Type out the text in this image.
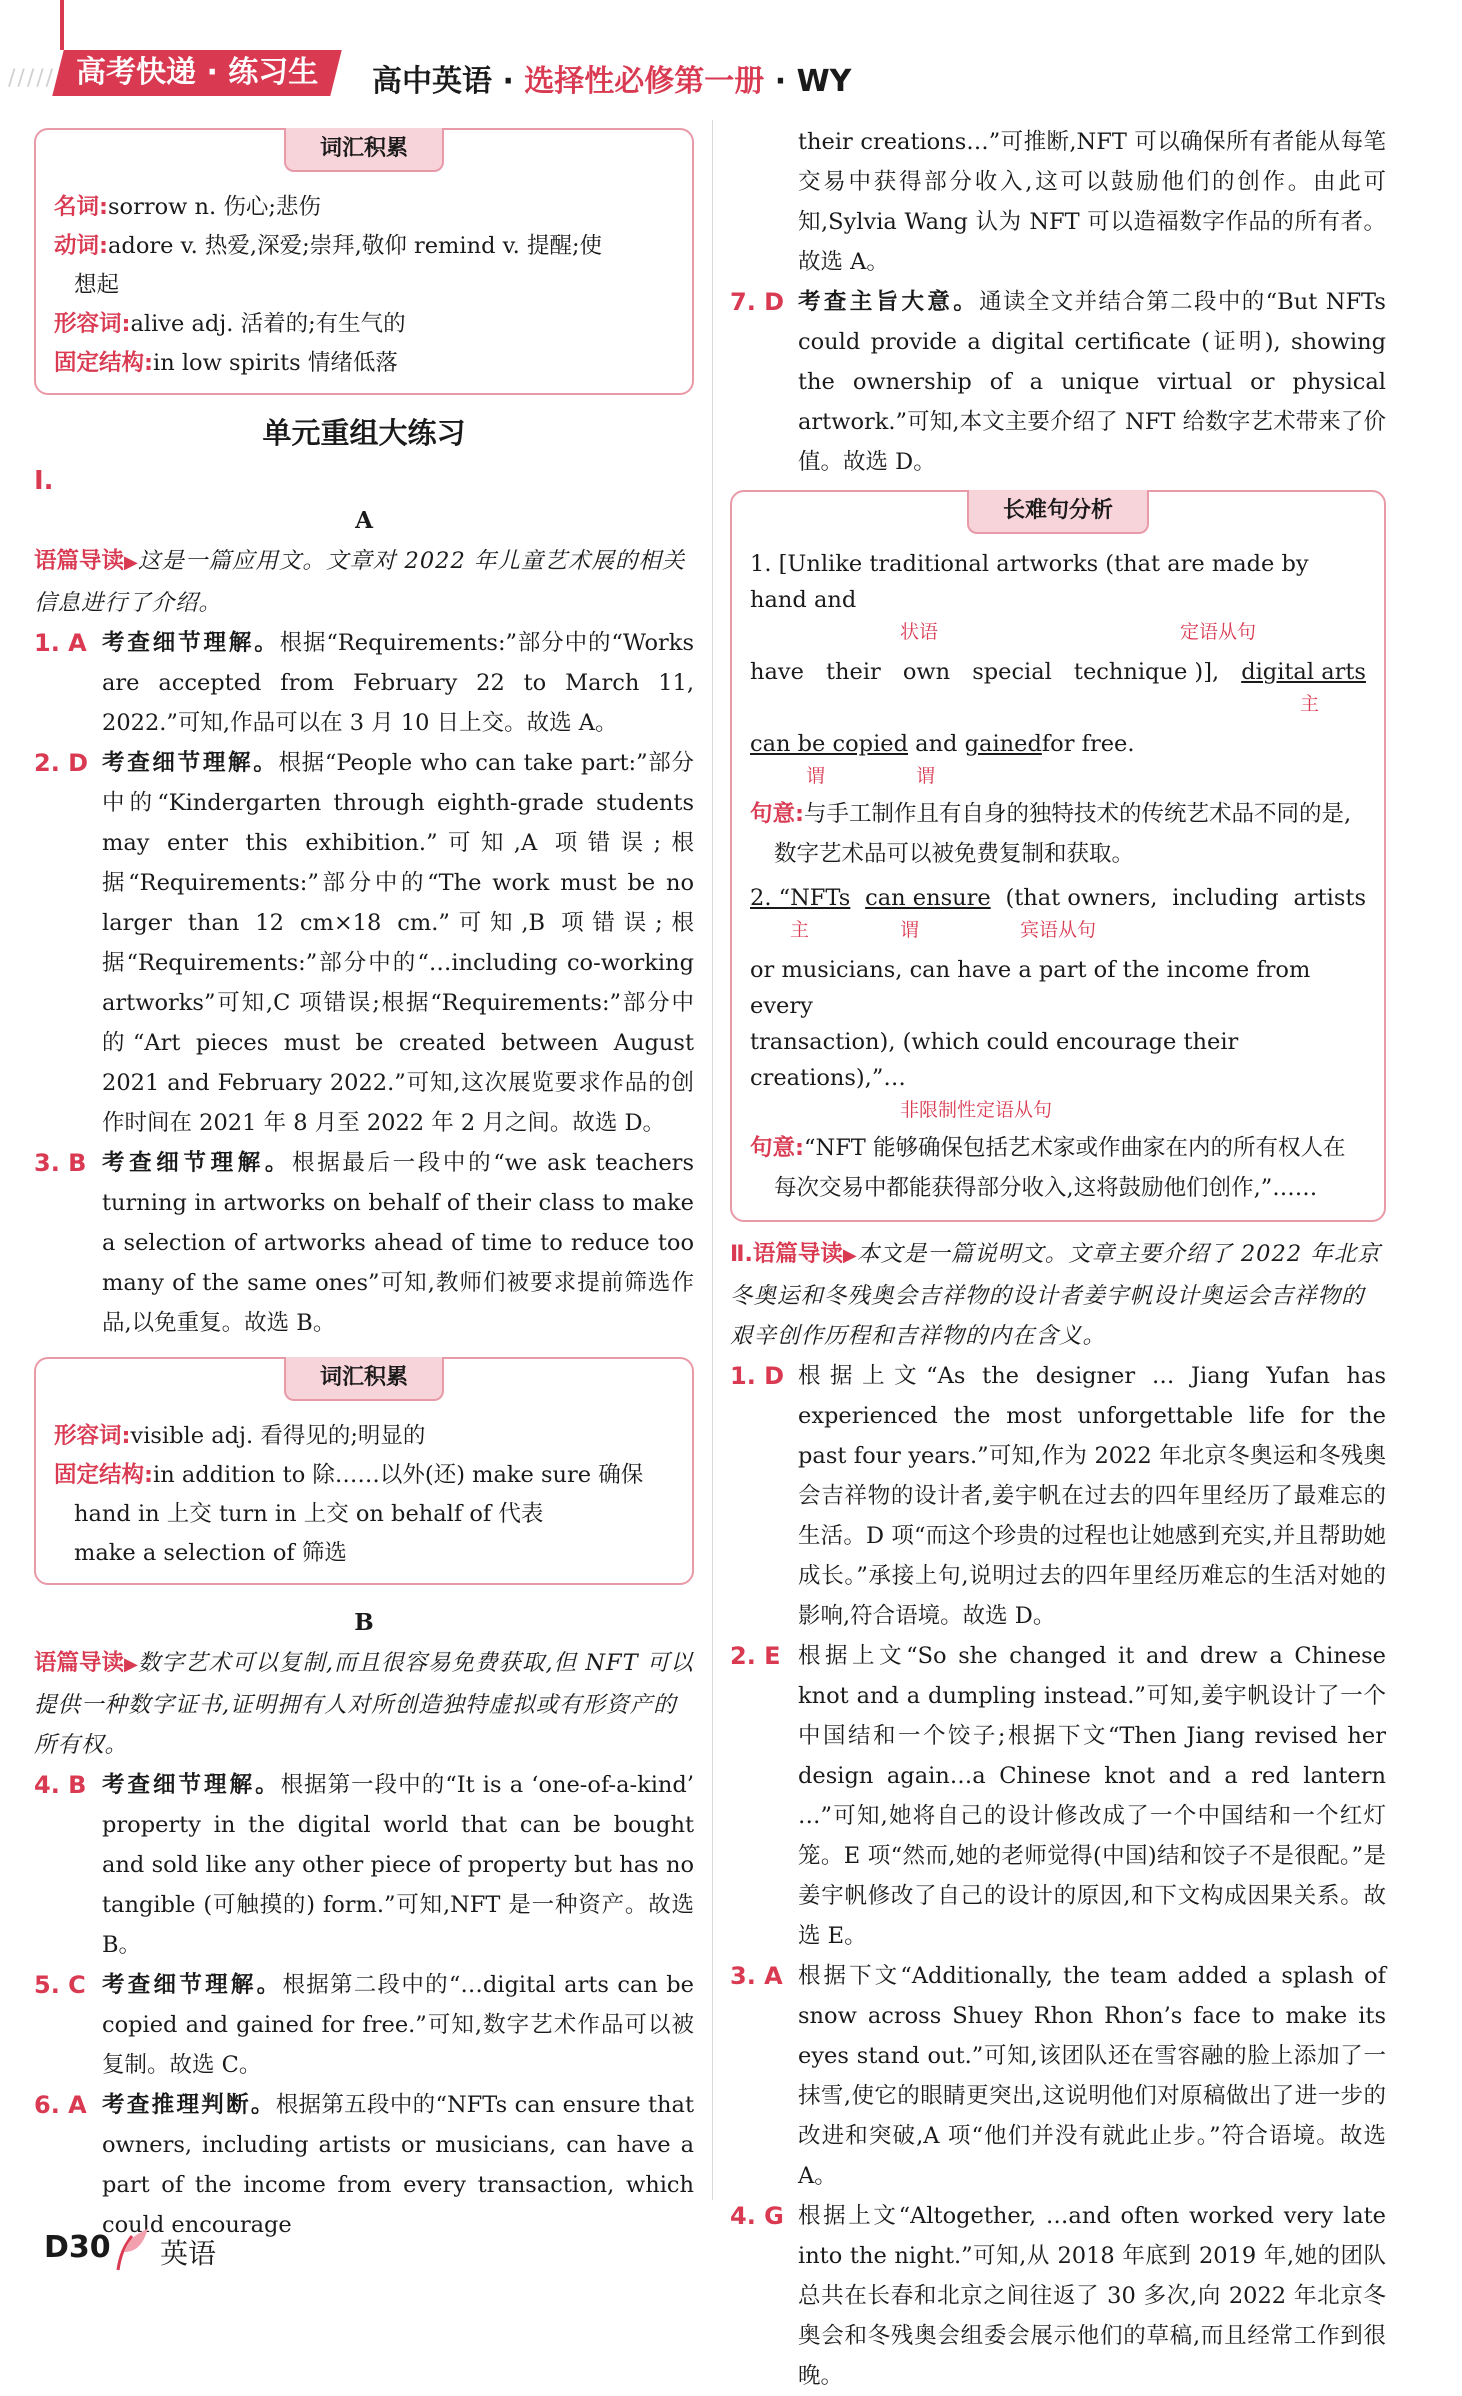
///// 高考快递 · 练习生	高中英语 · 选择性必修第一册 · WY
词汇积累
名词:sorrow n. 伤心;悲伤
动词:adore v. 热爱,深爱;崇拜,敬仰 remind v. 提醒;使
想起
形容词:alive adj. 活着的;有生气的
固定结构:in low spirits 情绪低落
单元重组大练习
Ⅰ.
A
语篇导读▶这是一篇应用文。文章对 2022 年儿童艺术展的相关信息进行了介绍。
1. A 考查细节理解。根据“Requirements:”部分中的“Works are accepted from February 22 to March 11, 2022.”可知,作品可以在 3 月 10 日上交。故选 A。
2. D 考查细节理解。根据“People who can take part:”部分中的“Kindergarten through eighth-grade students may enter this exhibition.”可知,A 项错误;根据“Requirements:”部分中的“The work must be no larger than 12 cm×18 cm.”可知,B 项错误;根据“Requirements:”部分中的“…including co-working artworks”可知,C 项错误;根据“Requirements:”部分中的“Art pieces must be created between August 2021 and February 2022.”可知,这次展览要求作品的创作时间在 2021 年 8 月至 2022 年 2 月之间。故选 D。
3. B 考查细节理解。根据最后一段中的“we ask teachers turning in artworks on behalf of their class to make a selection of artworks ahead of time to reduce too many of the same ones”可知,教师们被要求提前筛选作品,以免重复。故选 B。
词汇积累
形容词:visible adj. 看得见的;明显的
固定结构:in addition to 除……以外(还) make sure 确保
hand in 上交 turn in 上交 on behalf of 代表
make a selection of 筛选
B
语篇导读▶数字艺术可以复制,而且很容易免费获取,但 NFT 可以提供一种数字证书,证明拥有人对所创造独特虚拟或有形资产的所有权。
4. B 考查细节理解。根据第一段中的“It is a ‘one-of-a-kind’ property in the digital world that can be bought and sold like any other piece of property but has no tangible (可触摸的) form.”可知,NFT 是一种资产。故选 B。
5. C 考查细节理解。根据第二段中的“…digital arts can be copied and gained for free.”可知,数字艺术作品可以被复制。故选 C。
6. A 考查推理判断。根据第五段中的“NFTs can ensure that owners, including artists or musicians, can have a part of the income from every transaction, which could encourage
their creations…”可推断,NFT 可以确保所有者能从每笔交易中获得部分收入,这可以鼓励他们的创作。由此可知,Sylvia Wang 认为 NFT 可以造福数字作品的所有者。故选 A。
7. D 考查主旨大意。通读全文并结合第二段中的“But NFTs could provide a digital certificate (证明), showing the ownership of a unique virtual or physical artwork.”可知,本文主要介绍了 NFT 给数字艺术带来了价值。故选 D。
长难句分析
1. [Unlike traditional artworks (that are made by hand and
状语	定语从句
have their own special technique )], digital arts
主
can be copied and gained for free.
谓	谓
句意:与手工制作且有自身的独特技术的传统艺术品不同的是,数字艺术品可以被免费复制和获取。
2. “NFTs can ensure (that owners, including artists
主	谓	宾语从句
or musicians, can have a part of the income from every
transaction), (which could encourage their creations),”…
非限制性定语从句
句意:“NFT 能够确保包括艺术家或作曲家在内的所有权人在每次交易中都能获得部分收入,这将鼓励他们创作,”……
Ⅱ.语篇导读▶本文是一篇说明文。文章主要介绍了 2022 年北京冬奥运和冬残奥会吉祥物的设计者姜宇帆设计奥运会吉祥物的艰辛创作历程和吉祥物的内在含义。
1. D 根据上文“As the designer … Jiang Yufan has experienced the most unforgettable life for the past four years.”可知,作为 2022 年北京冬奥运和冬残奥会吉祥物的设计者,姜宇帆在过去的四年里经历了最难忘的生活。D 项“而这个珍贵的过程也让她感到充实,并且帮助她成长。”承接上句,说明过去的四年里经历难忘的生活对她的影响,符合语境。故选 D。
2. E 根据上文“So she changed it and drew a Chinese knot and a dumpling instead.”可知,姜宇帆设计了一个中国结和一个饺子;根据下文“Then Jiang revised her design again…a Chinese knot and a red lantern …”可知,她将自己的设计修改成了一个中国结和一个红灯笼。E 项“然而,她的老师觉得(中国)结和饺子不是很配。”是姜宇帆修改了自己的设计的原因,和下文构成因果关系。故选 E。
3. A 根据下文“Additionally, the team added a splash of snow across Shuey Rhon Rhon’s face to make its eyes stand out.”可知,该团队还在雪容融的脸上添加了一抹雪,使它的眼睛更突出,这说明他们对原稿做出了进一步的改进和突破,A 项“他们并没有就此止步。”符合语境。故选 A。
4. G 根据上文“Altogether, …and often worked very late into the night.”可知,从 2018 年底到 2019 年,她的团队总共在长春和北京之间往返了 30 多次,向 2022 年北京冬奥会和冬残奥会组委会展示他们的草稿,而且经常工作到很晚。
D30 英语
